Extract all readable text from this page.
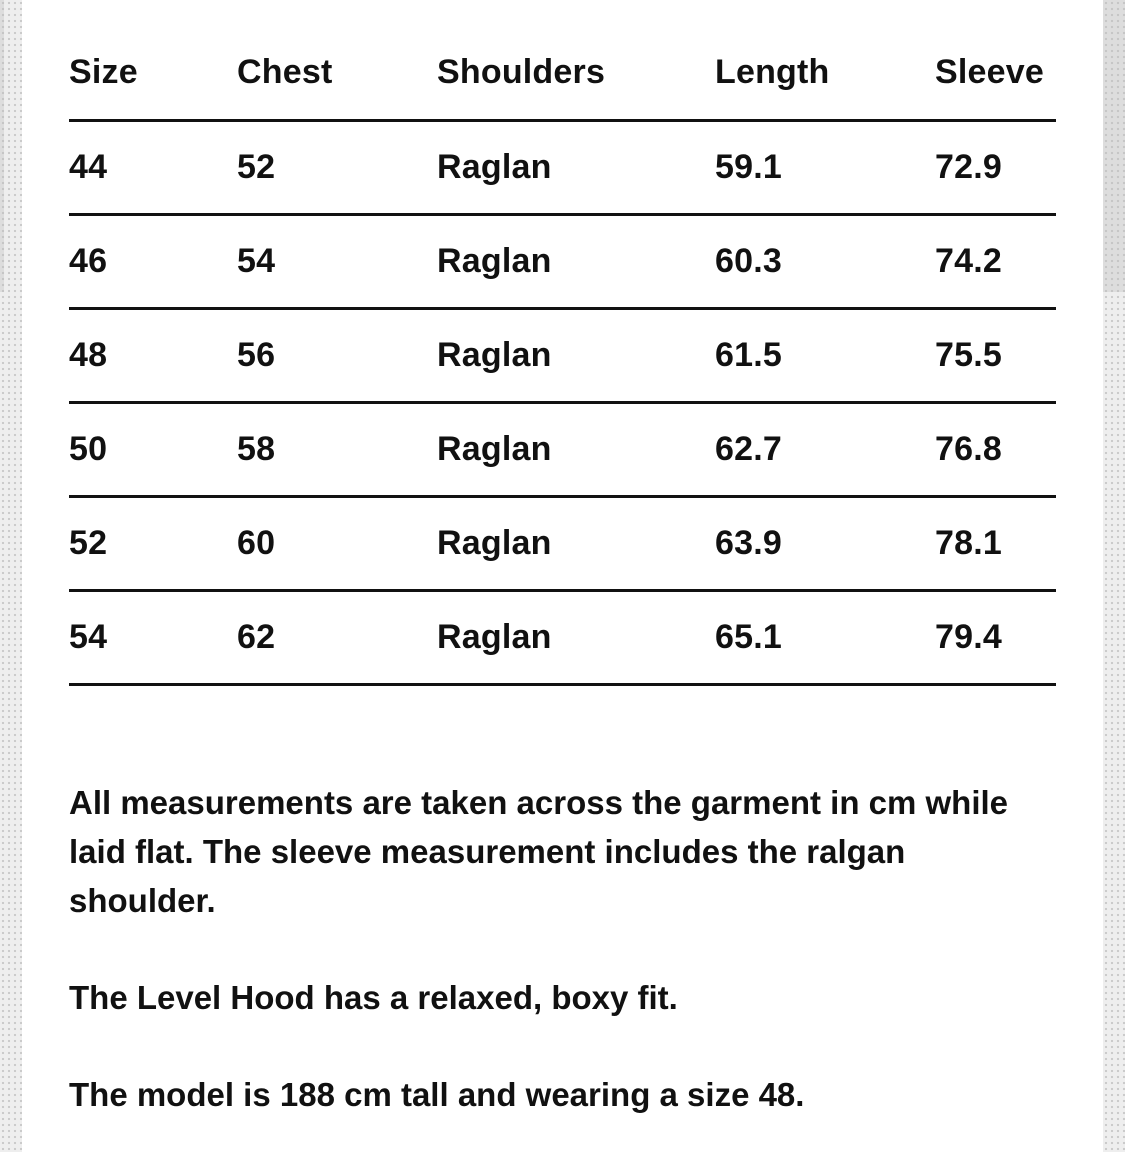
Size	Chest	Shoulders	Length	Sleeve
44	52	Raglan	59.1	72.9
46	54	Raglan	60.3	74.2
48	56	Raglan	61.5	75.5
50	58	Raglan	62.7	76.8
52	60	Raglan	63.9	78.1
54	62	Raglan	65.1	79.4

All measurements are taken across the garment in cm while laid flat. The sleeve measurement includes the ralgan shoulder.

The Level Hood has a relaxed, boxy fit.

The model is 188 cm tall and wearing a size 48.
